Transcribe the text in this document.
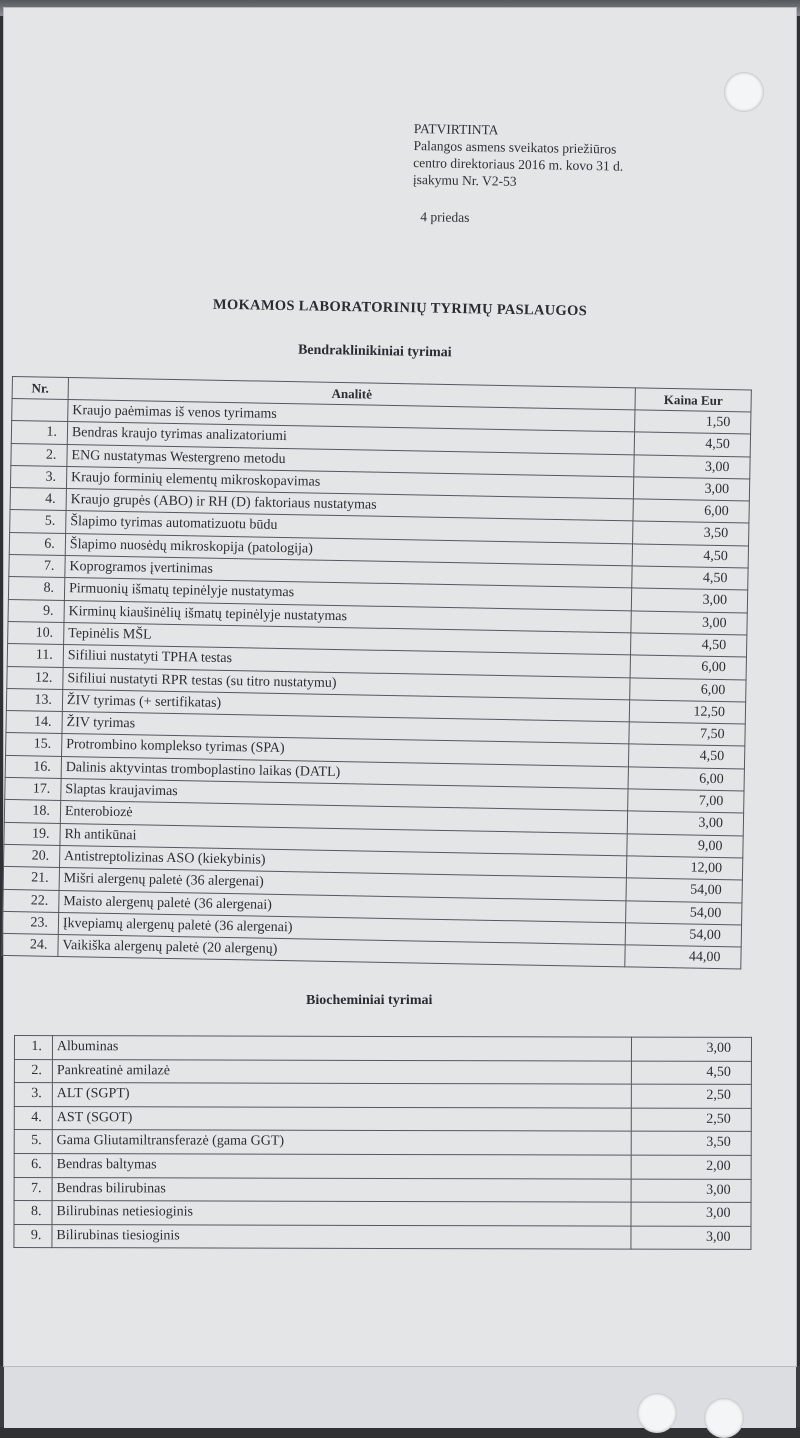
PATVIRTINTA
Palangos asmens sveikatos priežiūros
centro direktoriaus 2016 m. kovo 31 d.
įsakymu Nr. V2-53
4 priedas
MOKAMOS LABORATORINIŲ TYRIMŲ PASLAUGOS
Bendraklinikiniai tyrimai
Nr.	Analitė	Kaina Eur
	Kraujo paėmimas iš venos tyrimams	1,50
1.	Bendras kraujo tyrimas analizatoriumi	4,50
2.	ENG nustatymas Westergreno metodu	3,00
3.	Kraujo forminių elementų mikroskopavimas	3,00
4.	Kraujo grupės (ABO) ir RH (D) faktoriaus nustatymas	6,00
5.	Šlapimo tyrimas automatizuotu būdu	3,50
6.	Šlapimo nuosėdų mikroskopija (patologija)	4,50
7.	Koprogramos įvertinimas	4,50
8.	Pirmuonių išmatų tepinėlyje nustatymas	3,00
9.	Kirminų kiaušinėlių išmatų tepinėlyje nustatymas	3,00
10.	Tepinėlis MŠL	4,50
11.	Sifiliui nustatyti TPHA testas	6,00
12.	Sifiliui nustatyti RPR testas (su titro nustatymu)	6,00
13.	ŽIV tyrimas (+ sertifikatas)	12,50
14.	ŽIV tyrimas	7,50
15.	Protrombino komplekso tyrimas (SPA)	4,50
16.	Dalinis aktyvintas tromboplastino laikas (DATL)	6,00
17.	Slaptas kraujavimas	7,00
18.	Enterobiozė	3,00
19.	Rh antikūnai	9,00
20.	Antistreptolizinas ASO (kiekybinis)	12,00
21.	Mišri alergenų paletė (36 alergenai)	54,00
22.	Maisto alergenų paletė (36 alergenai)	54,00
23.	Įkvepiamų alergenų paletė (36 alergenai)	54,00
24.	Vaikiška alergenų paletė (20 alergenų)	44,00
Biocheminiai tyrimai
1.	Albuminas	3,00
2.	Pankreatinė amilazė	4,50
3.	ALT (SGPT)	2,50
4.	AST (SGOT)	2,50
5.	Gama Gliutamiltransferazė (gama GGT)	3,50
6.	Bendras baltymas	2,00
7.	Bendras bilirubinas	3,00
8.	Bilirubinas netiesioginis	3,00
9.	Bilirubinas tiesioginis	3,00
